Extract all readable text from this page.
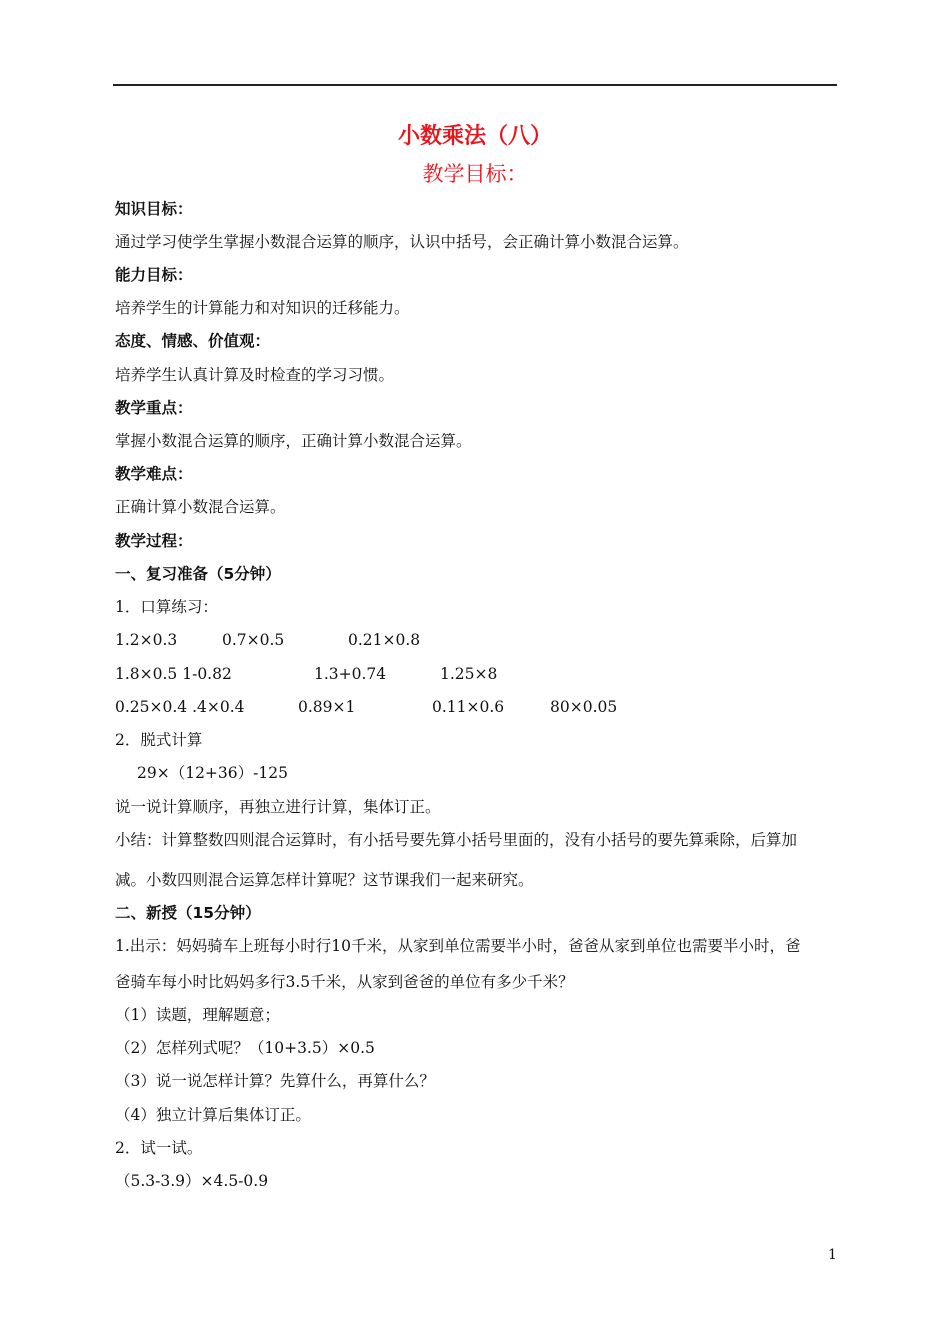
小数乘法（八）
教学目标：
知识目标：
通过学习使学生掌握小数混合运算的顺序，认识中括号，会正确计算小数混合运算。
能力目标：
培养学生的计算能力和对知识的迁移能力。
态度、情感、价值观：
培养学生认真计算及时检查的学习习惯。
教学重点：
掌握小数混合运算的顺序，正确计算小数混合运算。
教学难点：
正确计算小数混合运算。
教学过程：
一、复习准备（5分钟）
1．口算练习：
1.2×0.3	0.7×0.5	0.21×0.8
1.8×0.5 1-0.82	1.3+0.74	1.25×8
0.25×0.4 .4×0.4	0.89×1	0.11×0.6	80×0.05
2．脱式计算
29×（12+36）-125
说一说计算顺序，再独立进行计算，集体订正。
小结：计算整数四则混合运算时，有小括号要先算小括号里面的，没有小括号的要先算乘除，后算加
减。小数四则混合运算怎样计算呢？这节课我们一起来研究。
二、新授（15分钟）
1.出示：妈妈骑车上班每小时行10千米，从家到单位需要半小时，爸爸从家到单位也需要半小时，爸
爸骑车每小时比妈妈多行3.5千米，从家到爸爸的单位有多少千米？
（1）读题，理解题意；
（2）怎样列式呢？（10+3.5）×0.5
（3）说一说怎样计算？先算什么，再算什么？
（4）独立计算后集体订正。
2．试一试。
（5.3-3.9）×4.5-0.9
1
